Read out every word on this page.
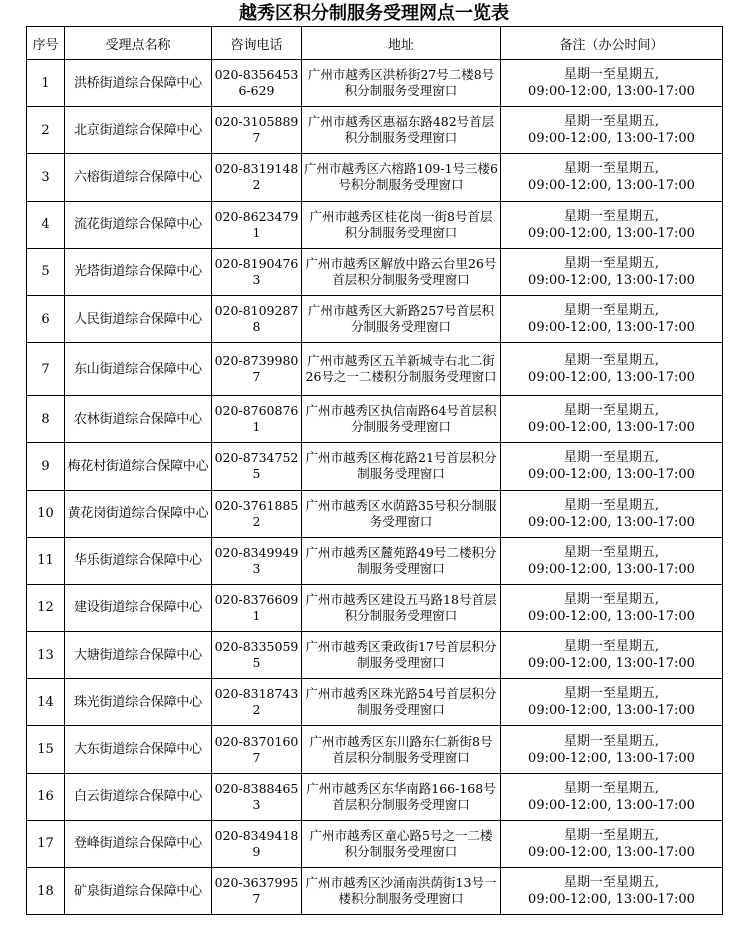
越秀区积分制服务受理网点一览表
序号	受理点名称	咨询电话	地址	备注（办公时间）
1	洪桥街道综合保障中心	020-83564536-629	广州市越秀区洪桥街27号二楼8号积分制服务受理窗口	星期一至星期五,
09:00-12:00, 13:00-17:00

2	北京街道综合保障中心	020-31058897	广州市越秀区惠福东路482号首层积分制服务受理窗口	星期一至星期五,
09:00-12:00, 13:00-17:00

3	六榕街道综合保障中心	020-83191482	广州市越秀区六榕路109-1号三楼6号积分制服务受理窗口	星期一至星期五,
09:00-12:00, 13:00-17:00

4	流花街道综合保障中心	020-86234791	广州市越秀区桂花岗一街8号首层积分制服务受理窗口	星期一至星期五,
09:00-12:00, 13:00-17:00

5	光塔街道综合保障中心	020-81904763	广州市越秀区解放中路云台里26号首层积分制服务受理窗口	星期一至星期五,
09:00-12:00, 13:00-17:00

6	人民街道综合保障中心	020-81092878	广州市越秀区大新路257号首层积分制服务受理窗口	星期一至星期五,
09:00-12:00, 13:00-17:00

7	东山街道综合保障中心	020-87399807	广州市越秀区五羊新城寺右北二街26号之一二楼积分制服务受理窗口	星期一至星期五,
09:00-12:00, 13:00-17:00

8	农林街道综合保障中心	020-87608761	广州市越秀区执信南路64号首层积分制服务受理窗口	星期一至星期五,
09:00-12:00, 13:00-17:00

9	梅花村街道综合保障中心	020-87347525	广州市越秀区梅花路21号首层积分制服务受理窗口	星期一至星期五,
09:00-12:00, 13:00-17:00

10	黄花岗街道综合保障中心	020-37618852	广州市越秀区水荫路35号积分制服务受理窗口	星期一至星期五,
09:00-12:00, 13:00-17:00

11	华乐街道综合保障中心	020-83499493	广州市越秀区麓苑路49号二楼积分制服务受理窗口	星期一至星期五,
09:00-12:00, 13:00-17:00

12	建设街道综合保障中心	020-83766091	广州市越秀区建设五马路18号首层积分制服务受理窗口	星期一至星期五,
09:00-12:00, 13:00-17:00

13	大塘街道综合保障中心	020-83350595	广州市越秀区秉政街17号首层积分制服务受理窗口	星期一至星期五,
09:00-12:00, 13:00-17:00

14	珠光街道综合保障中心	020-83187432	广州市越秀区珠光路54号首层积分制服务受理窗口	星期一至星期五,
09:00-12:00, 13:00-17:00

15	大东街道综合保障中心	020-83701607	广州市越秀区东川路东仁新街8号首层积分制服务受理窗口	星期一至星期五,
09:00-12:00, 13:00-17:00

16	白云街道综合保障中心	020-83884653	广州市越秀区东华南路166-168号首层积分制服务受理窗口	星期一至星期五,
09:00-12:00, 13:00-17:00

17	登峰街道综合保障中心	020-83494189	广州市越秀区童心路5号之一二楼积分制服务受理窗口	星期一至星期五,
09:00-12:00, 13:00-17:00

18	矿泉街道综合保障中心	020-36379957	广州市越秀区沙涌南洪荫街13号一楼积分制服务受理窗口	星期一至星期五,
09:00-12:00, 13:00-17:00
